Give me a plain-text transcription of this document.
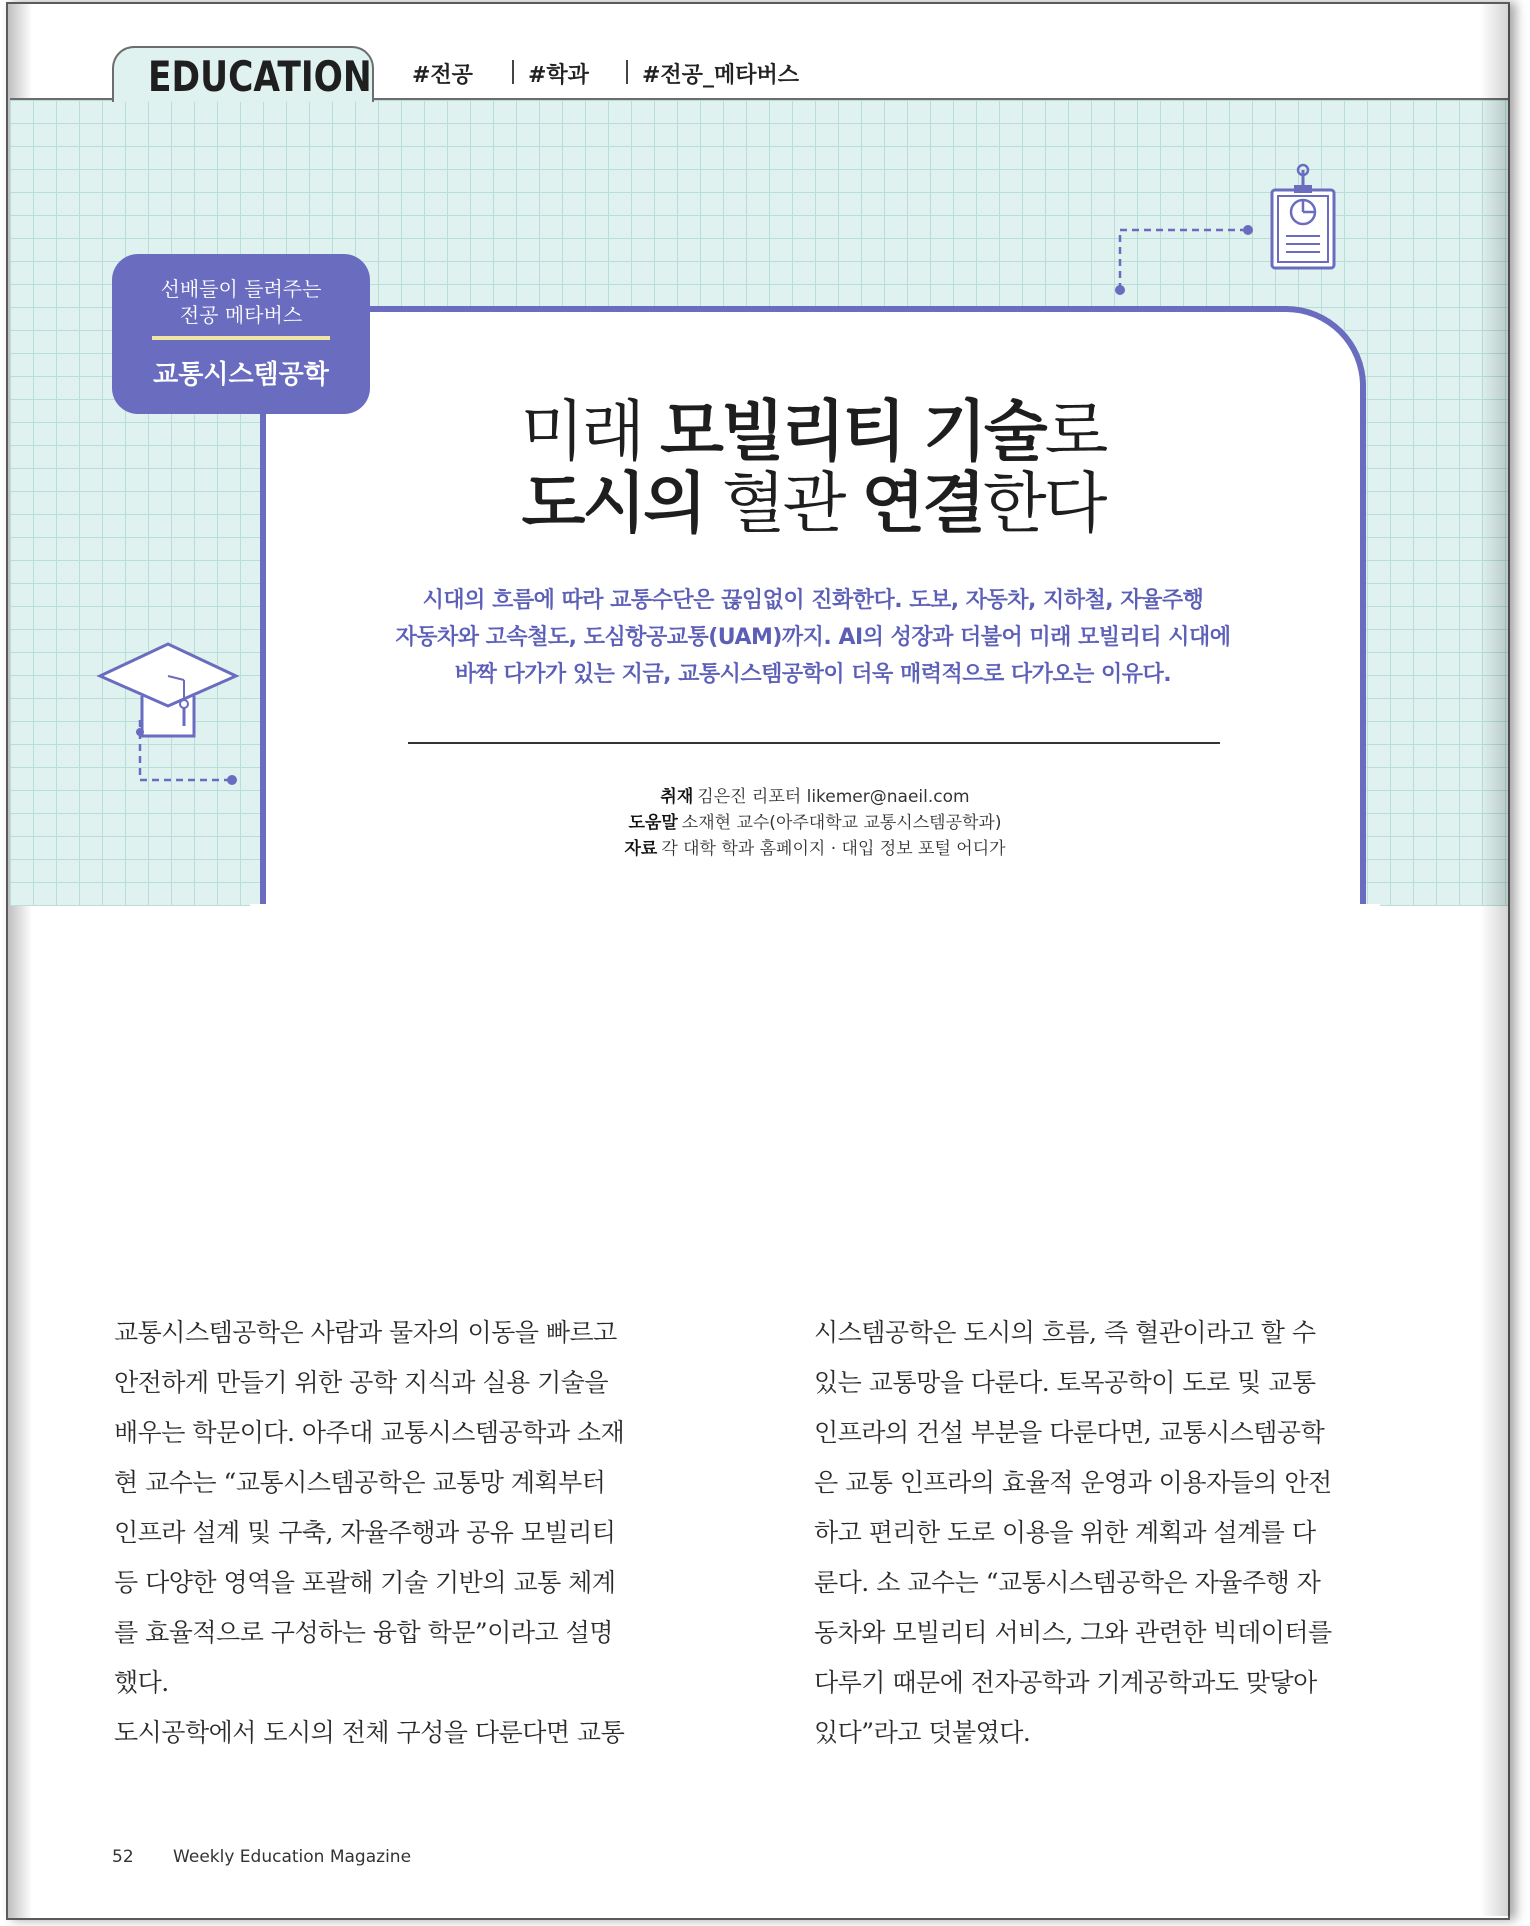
EDUCATION #전공	#학과 #전공_메타버스
선배들이 들려주는
전공 메타버스
교통시스템공학
미래 모빌리티 기술로
도시의 혈관 연결한다
시대의 흐름에 따라 교통수단은 끊임없이 진화한다. 도보, 자동차, 지하철, 자율주행
자동차와 고속철도, 도심항공교통(UAM)까지. AI의 성장과 더불어 미래 모빌리티 시대에
바짝 다가가 있는 지금, 교통시스템공학이 더욱 매력적으로 다가오는 이유다.
취재 김은진 리포터 likemer@naeil.com
도움말 소재현 교수(아주대학교 교통시스템공학과)
자료 각 대학 학과 홈페이지 · 대입 정보 포털 어디가

교통시스템공학은 사람과 물자의 이동을 빠르고

안전하게 만들기 위한 공학 지식과 실용 기술을

배우는 학문이다. 아주대 교통시스템공학과 소재

현 교수는 “교통시스템공학은 교통망 계획부터

인프라 설계 및 구축, 자율주행과 공유 모빌리티

등 다양한 영역을 포괄해 기술 기반의 교통 체계

를 효율적으로 구성하는 융합 학문”이라고 설명

했다.

도시공학에서 도시의 전체 구성을 다룬다면 교통

시스템공학은 도시의 흐름, 즉 혈관이라고 할 수

있는 교통망을 다룬다. 토목공학이 도로 및 교통

인프라의 건설 부분을 다룬다면, 교통시스템공학

은 교통 인프라의 효율적 운영과 이용자들의 안전

하고 편리한 도로 이용을 위한 계획과 설계를 다

룬다. 소 교수는 “교통시스템공학은 자율주행 자

동차와 모빌리티 서비스, 그와 관련한 빅데이터를

다루기 때문에 전자공학과 기계공학과도 맞닿아

있다”라고 덧붙였다.

52 Weekly Education Magazine
